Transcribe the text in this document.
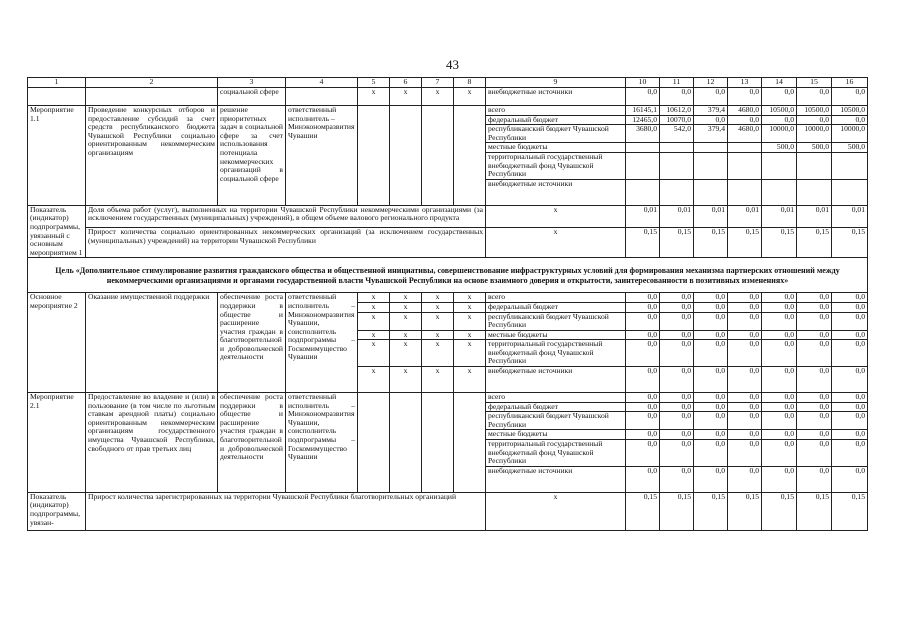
43
1	2	3	4	5	6	7	8	9	10	11	12	13	14	15	16
		социальной сфере		x	x	x	x	внебюджетные источники	0,0	0,0	0,0	0,0	0,0	0,0	0,0
Мероприятие 1.1	Проведение конкурсных отборов и предоставление субсидий за счет средств республиканского бюджета Чувашской Республики социально ориентированным некоммерческим организациям	решение приоритетных задач в социальной сфере за счет использования потенциала некоммерческих организаций в социальной сфере	ответственный исполнитель – Минэкономразвития Чувашии					всего	16145,1	10612,0	379,4	4680,0	10500,0	10500,0	10500,0
								федеральный бюджет	12465,0	10070,0	0,0	0,0	0,0	0,0	0,0
								республиканский бюджет Чувашской Республики	3680,0	542,0	379,4	4680,0	10000,0	10000,0	10000,0
								местные бюджеты					500,0	500,0	500,0
								территориальный государственный внебюджетный фонд Чувашской Республики							
								внебюджетные источники							
Показатель (индикатор) подпрограммы, увязанный с основным мероприятием 1	Доля объема работ (услуг), выполненных на территории Чувашской Республики некоммерческими организациями (за исключением государственных (муниципальных) учреждений), в общем объеме валового регионального продукта							x	0,01	0,01	0,01	0,01	0,01	0,01	0,01
	Прирост количества социально ориентированных некоммерческих организаций (за исключением государственных (муниципальных) учреждений) на территории Чувашской Республики							x	0,15	0,15	0,15	0,15	0,15	0,15	0,15
Цель «Дополнительное стимулирование развития гражданского общества и общественной инициативы, совершенствование инфраструктурных условий для формирования механизма партнерских отношений между некоммерческими организациями и органами государственной власти Чувашской Республики на основе взаимного доверия и открытости, заинтересованности в позитивных изменениях»															
Основное мероприятие 2	Оказание имущественной поддержки	обеспечение роста поддержки в обществе и расширение участия граждан в благотворительной и добровольческой деятельности	ответственный исполнитель – Минэкономразвития Чувашии, соисполнитель подпрограммы – Госкомимущество Чувашии	x	x	x	x	всего	0,0	0,0	0,0	0,0	0,0	0,0	0,0
				x	x	x	x	федеральный бюджет	0,0	0,0	0,0	0,0	0,0	0,0	0,0
				x	x	x	x	республиканский бюджет Чувашской Республики	0,0	0,0	0,0	0,0	0,0	0,0	0,0
				x	x	x	x	местные бюджеты	0,0	0,0	0,0	0,0	0,0	0,0	0,0
				x	x	x	x	территориальный государственный внебюджетный фонд Чувашской Республики	0,0	0,0	0,0	0,0	0,0	0,0	0,0
				x	x	x	x	внебюджетные источники	0,0	0,0	0,0	0,0	0,0	0,0	0,0
Мероприятие 2.1	Предоставление во владение и (или) в пользование (в том числе по льготным ставкам арендной платы) социально ориентированным некоммерческим организациям государственного имущества Чувашской Республики, свободного от прав третьих лиц	обеспечение роста поддержки в обществе и расширение участия граждан в благотворительной и добровольческой деятельности	ответственный исполнитель – Минэкономразвития Чувашии, соисполнитель подпрограммы – Госкомимущество Чувашии					всего	0,0	0,0	0,0	0,0	0,0	0,0	0,0
								федеральный бюджет	0,0	0,0	0,0	0,0	0,0	0,0	0,0
								республиканский бюджет Чувашской Республики	0,0	0,0	0,0	0,0	0,0	0,0	0,0
								местные бюджеты	0,0	0,0	0,0	0,0	0,0	0,0	0,0
								территориальный государственный внебюджетный фонд Чувашской Республики	0,0	0,0	0,0	0,0	0,0	0,0	0,0
								внебюджетные источники	0,0	0,0	0,0	0,0	0,0	0,0	0,0
Показатель (индикатор) подпрограммы, увязан-	Прирост количества зарегистрированных на территории Чувашской Республики благотворительных организаций							x	0,15	0,15	0,15	0,15	0,15	0,15	0,15
